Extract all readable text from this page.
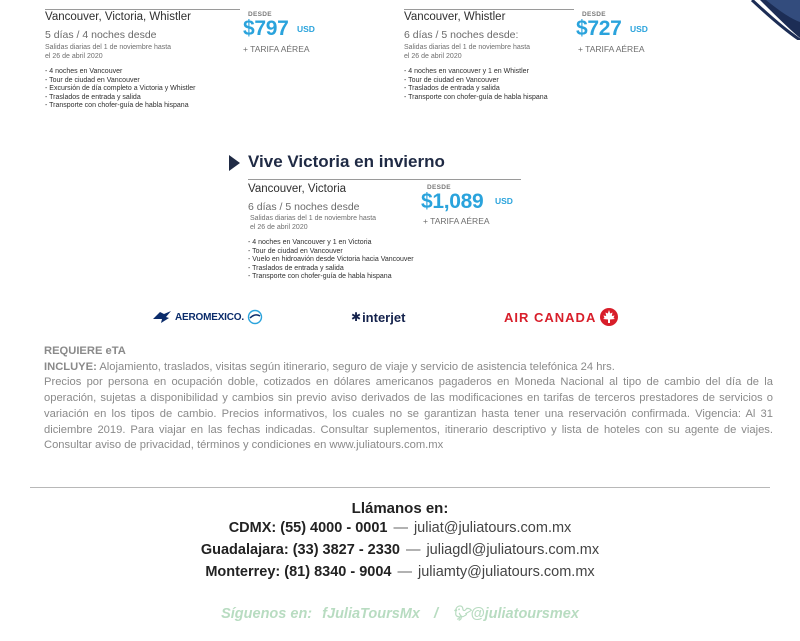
Vancouver, Victoria, Whistler
5 días / 4 noches desde
Salidas diarias del 1 de noviembre hasta
el 26 de abril 2020
DESDE
$797 USD
+ TARIFA AÉREA
- 4 noches en Vancouver
- Tour de ciudad en Vancouver
- Excursión de día completo a Victoria y Whistler
- Traslados de entrada y salida
- Transporte con chofer-guía de habla hispana
Vancouver, Whistler
6 días / 5 noches desde:
Salidas diarias del 1 de noviembre hasta
el 26 de abril 2020
DESDE
$727 USD
+ TARIFA AÉREA
- 4 noches en vancouver y 1 en Whistler
- Tour de ciudad en Vancouver
- Traslados de entrada y salida
- Transporte con chofer-guía de habla hispana
Vive Victoria en invierno
Vancouver, Victoria
6 días / 5 noches desde
Salidas diarias del 1 de noviembre hasta
el 26 de abril 2020
DESDE
$1,089 USD
+ TARIFA AÉREA
- 4 noches en Vancouver y 1 en Victoria
- Tour de ciudad en Vancouver
- Vuelo en hidroavión desde Victoria hacia Vancouver
- Traslados de entrada y salida
- Transporte con chofer-guía de habla hispana
AEROMEXICO.	✱ interjet	AIR CANADA
REQUIERE eTA
INCLUYE: Alojamiento, traslados, visitas según itinerario, seguro de viaje y servicio de asistencia telefónica 24 hrs.
Precios por persona en ocupación doble, cotizados en dólares americanos pagaderos en Moneda Nacional al tipo de cambio del día de la operación, sujetas a disponibilidad y cambios sin previo aviso derivados de las modificaciones en tarifas de terceros prestadores de servicios o variación en los tipos de cambio. Precios informativos, los cuales no se garantizan hasta tener una reservación confirmada. Vigencia: Al 31 diciembre 2019. Para viajar en las fechas indicadas. Consultar suplementos, itinerario descriptivo y lista de hoteles con su agente de viajes. Consultar aviso de privacidad, términos y condiciones en www.juliatours.com.mx
Llámanos en:
CDMX: (55) 4000 - 0001 — juliat@juliatours.com.mx
Guadalajara: (33) 3827 - 2330 — juliagdl@juliatours.com.mx
Monterrey: (81) 8340 - 9004 — juliamty@juliatours.com.mx
Síguenos en: fJuliaToursMx / 🐦︎@juliatoursmex
